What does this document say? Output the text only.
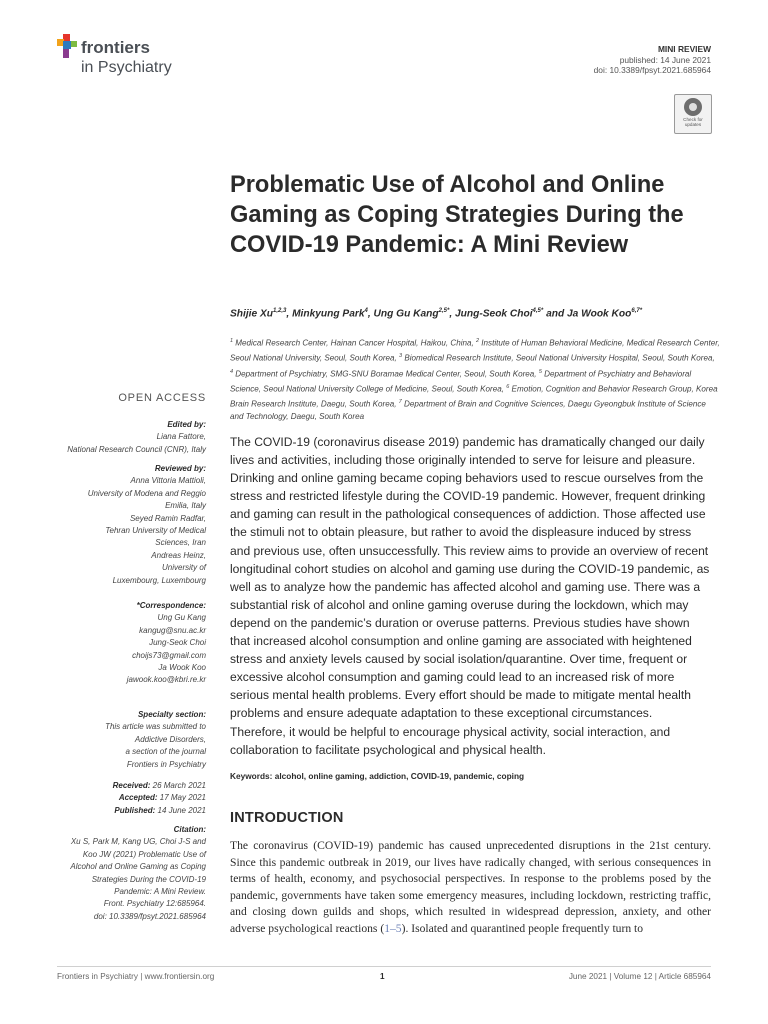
frontiers
in Psychiatry
MINI REVIEW
published: 14 June 2021
doi: 10.3389/fpsyt.2021.685964
Check for
updates
Problematic Use of Alcohol and Online Gaming as Coping Strategies During the COVID-19 Pandemic: A Mini Review
Shijie Xu$^{1,2,3}$, Minkyung Park$^4$, Ung Gu Kang$^{2,5*}$, Jung-Seok Choi$^{4,5*}$ and Ja Wook Koo$^{6,7*}$
$^1$ Medical Research Center, Hainan Cancer Hospital, Haikou, China, $^2$ Institute of Human Behavioral Medicine, Medical Research Center, Seoul National University, Seoul, South Korea, $^3$ Biomedical Research Institute, Seoul National University Hospital, Seoul, South Korea, $^4$ Department of Psychiatry, SMG-SNU Boramae Medical Center, Seoul, South Korea, $^5$ Department of Psychiatry and Behavioral Science, Seoul National University College of Medicine, Seoul, South Korea, $^6$ Emotion, Cognition and Behavior Research Group, Korea Brain Research Institute, Daegu, South Korea, $^7$ Department of Brain and Cognitive Sciences, Daegu Gyeongbuk Institute of Science and Technology, Daegu, South Korea
OPEN ACCESS
Edited by:
Liana Fattore,
National Research Council (CNR), Italy
Reviewed by:
Anna Vittoria Mattioli,
University of Modena and Reggio
Emilia, Italy
Seyed Ramin Radfar,
Tehran University of Medical
Sciences, Iran
Andreas Heinz,
University of
Luxembourg, Luxembourg
*Correspondence:
Ung Gu Kang
kangug@snu.ac.kr
Jung-Seok Choi
choijs73@gmail.com
Ja Wook Koo
jawook.koo@kbri.re.kr
Specialty section:
This article was submitted to
Addictive Disorders,
a section of the journal
Frontiers in Psychiatry
Received: 26 March 2021
Accepted: 17 May 2021
Published: 14 June 2021
Citation:
Xu S, Park M, Kang UG, Choi J-S and
Koo JW (2021) Problematic Use of
Alcohol and Online Gaming as Coping
Strategies During the COVID-19
Pandemic: A Mini Review.
Front. Psychiatry 12:685964.
doi: 10.3389/fpsyt.2021.685964
The COVID-19 (coronavirus disease 2019) pandemic has dramatically changed our daily lives and activities, including those originally intended to serve for leisure and pleasure. Drinking and online gaming became coping behaviors used to rescue ourselves from the stress and restricted lifestyle during the COVID-19 pandemic. However, frequent drinking and gaming can result in the pathological consequences of addiction. Those affected use the stimuli not to obtain pleasure, but rather to avoid the displeasure induced by stress and previous use, often unsuccessfully. This review aims to provide an overview of recent longitudinal cohort studies on alcohol and gaming use during the COVID-19 pandemic, as well as to analyze how the pandemic has affected alcohol and gaming use. There was a substantial risk of alcohol and online gaming overuse during the lockdown, which may depend on the pandemic’s duration or overuse patterns. Previous studies have shown that increased alcohol consumption and online gaming are associated with heightened stress and anxiety levels caused by social isolation/quarantine. Over time, frequent or excessive alcohol consumption and gaming could lead to an increased risk of more serious mental health problems. Every effort should be made to mitigate mental health problems and ensure adequate adaptation to these exceptional circumstances. Therefore, it would be helpful to encourage physical activity, social interaction, and collaboration to facilitate psychological and physical health.
Keywords: alcohol, online gaming, addiction, COVID-19, pandemic, coping
INTRODUCTION
The coronavirus (COVID-19) pandemic has caused unprecedented disruptions in the 21st century. Since this pandemic outbreak in 2019, our lives have radically changed, with serious consequences in terms of health, economy, and psychosocial perspectives. In response to the problems posed by the pandemic, governments have taken some emergency measures, including lockdown, restricting traffic, and closing down guilds and shops, which resulted in widespread depression, anxiety, and other adverse psychological reactions (1–5). Isolated and quarantined people frequently turn to
Frontiers in Psychiatry | www.frontiersin.org	1	June 2021 | Volume 12 | Article 685964
